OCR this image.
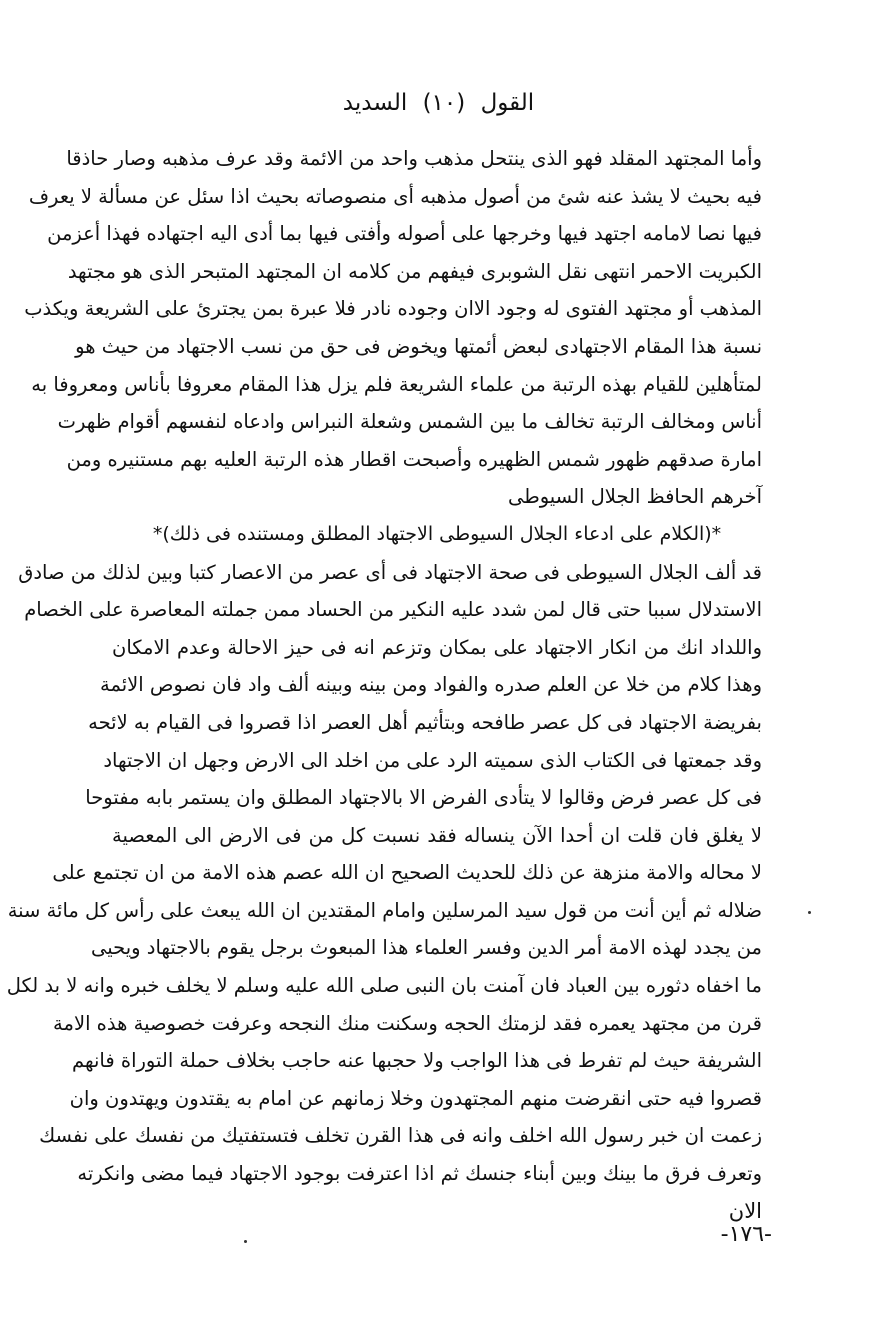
القول (١٠) السديد
وأما المجتهد المقلد فهو الذى ينتحل مذهب واحد من الائمة وقد عرف مذهبه وصار حاذقا
فيه بحيث لا يشذ عنه شئ من أصول مذهبه أى منصوصاته بحيث اذا سئل عن مسألة لا يعرف
فيها نصا لامامه اجتهد فيها وخرجها على أصوله وأفتى فيها بما أدى اليه اجتهاده فهذا أعزمن
الكبريت الاحمر انتهى نقل الشوبرى فيفهم من كلامه ان المجتهد المتبحر الذى هو مجتهد
المذهب أو مجتهد الفتوى له وجود الاان وجوده نادر فلا عبرة بمن يجترئ على الشريعة ويكذب
نسبة هذا المقام الاجتهادى لبعض أئمتها ويخوض فى حق من نسب الاجتهاد من حيث هو
لمتأهلين للقيام بهذه الرتبة من علماء الشريعة فلم يزل هذا المقام معروفا بأناس ومعروفا به
أناس ومخالف الرتبة تخالف ما بين الشمس وشعلة النبراس وادعاه لنفسهم أقوام ظهرت
امارة صدقهم ظهور شمس الظهيره وأصبحت اقطار هذه الرتبة العليه بهم مستنيره ومن
آخرهم الحافظ الجلال السيوطى
*(الكلام على ادعاء الجلال السيوطى الاجتهاد المطلق ومستنده فى ذلك)*
قد ألف الجلال السيوطى فى صحة الاجتهاد فى أى عصر من الاعصار كتبا وبين لذلك من صادق
الاستدلال سببا حتى قال لمن شدد عليه النكير من الحساد ممن جملته المعاصرة على الخصام
واللداد انك من انكار الاجتهاد على بمكان وتزعم انه فى حيز الاحالة وعدم الامكان
وهذا كلام من خلا عن العلم صدره والفواد ومن بينه وبينه ألف واد فان نصوص الائمة
بفريضة الاجتهاد فى كل عصر طافحه وبتأثيم أهل العصر اذا قصروا فى القيام به لائحه
وقد جمعتها فى الكتاب الذى سميته الرد على من اخلد الى الارض وجهل ان الاجتهاد
فى كل عصر فرض وقالوا لا يتأدى الفرض الا بالاجتهاد المطلق وان يستمر بابه مفتوحا
لا يغلق فان قلت ان أحدا الآن ينساله فقد نسبت كل من فى الارض الى المعصية
لا محاله والامة منزهة عن ذلك للحديث الصحيح ان الله عصم هذه الامة من ان تجتمع على
ضلاله ثم أين أنت من قول سيد المرسلين وامام المقتدين ان الله يبعث على رأس كل مائة سنة
من يجدد لهذه الامة أمر الدين وفسر العلماء هذا المبعوث برجل يقوم بالاجتهاد ويحيى
ما اخفاه دثوره بين العباد فان آمنت بان النبى صلى الله عليه وسلم لا يخلف خبره وانه لا بد لكل
قرن من مجتهد يعمره فقد لزمتك الحجه وسكنت منك النجحه وعرفت خصوصية هذه الامة
الشريفة حيث لم تفرط فى هذا الواجب ولا حجبها عنه حاجب بخلاف حملة التوراة فانهم
قصروا فيه حتى انقرضت منهم المجتهدون وخلا زمانهم عن امام به يقتدون ويهتدون وان
زعمت ان خبر رسول الله اخلف وانه فى هذا القرن تخلف فتستفتيك من نفسك على نفسك
وتعرف فرق ما بينك وبين أبناء جنسك ثم اذا اعترفت بوجود الاجتهاد فيما مضى وانكرته
الان
-١٧٦-
